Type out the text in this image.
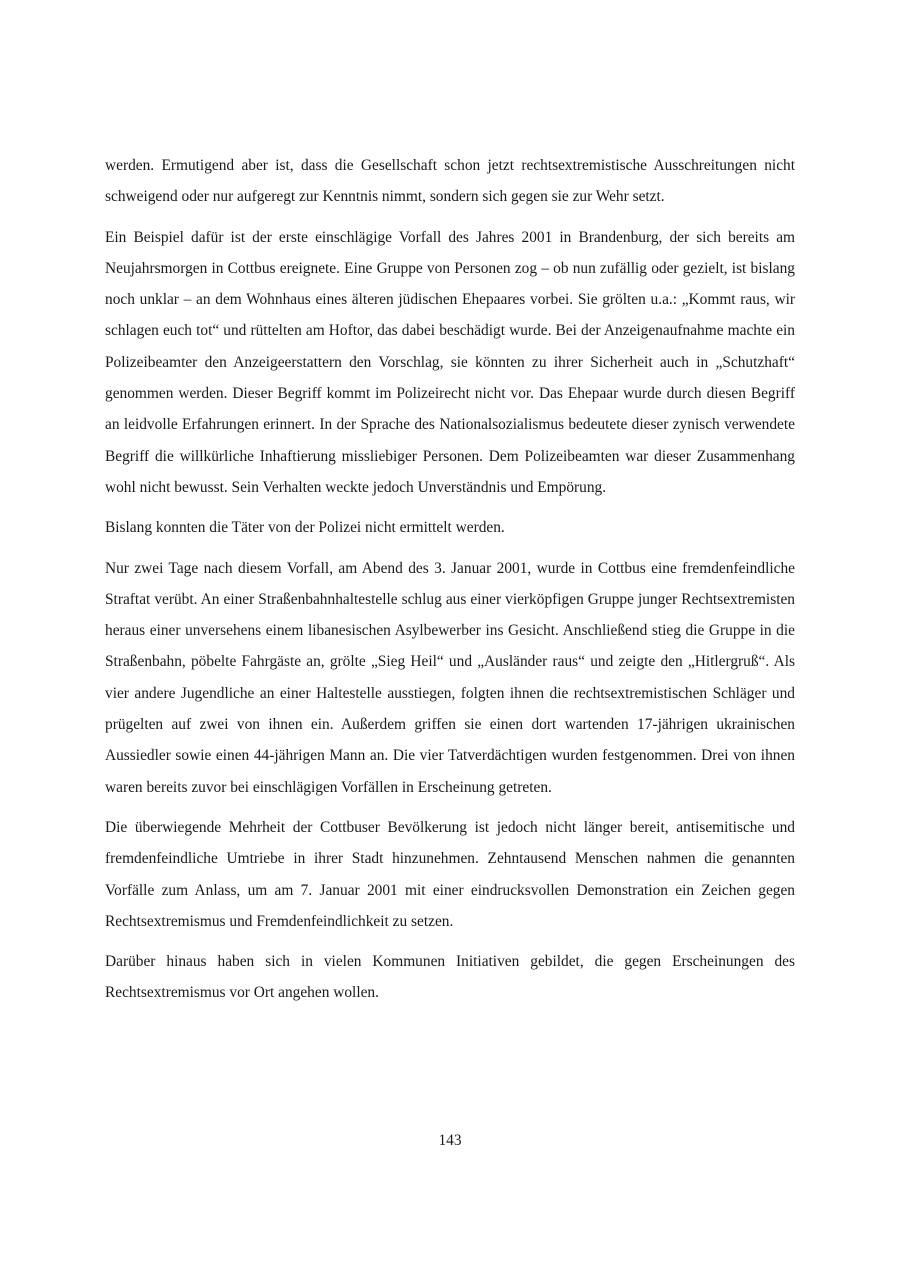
werden. Ermutigend aber ist, dass die Gesellschaft schon jetzt rechtsextremistische Ausschreitungen nicht schweigend oder nur aufgeregt zur Kenntnis nimmt, sondern sich gegen sie zur Wehr setzt.

Ein Beispiel dafür ist der erste einschlägige Vorfall des Jahres 2001 in Brandenburg, der sich bereits am Neujahrsmorgen in Cottbus ereignete. Eine Gruppe von Personen zog – ob nun zufällig oder gezielt, ist bislang noch unklar – an dem Wohnhaus eines älteren jüdischen Ehepaares vorbei. Sie grölten u.a.: „Kommt raus, wir schlagen euch tot“ und rüttelten am Hoftor, das dabei beschädigt wurde. Bei der Anzeigenaufnahme machte ein Polizeibeamter den Anzeigeerstattern den Vorschlag, sie könnten zu ihrer Sicherheit auch in „Schutzhaft“ genommen werden. Dieser Begriff kommt im Polizeirecht nicht vor. Das Ehepaar wurde durch diesen Begriff an leidvolle Erfahrungen erinnert. In der Sprache des Nationalsozialismus bedeutete dieser zynisch verwendete Begriff die willkürliche Inhaftierung missliebiger Personen. Dem Polizeibeamten war dieser Zusammenhang wohl nicht bewusst. Sein Verhalten weckte jedoch Unverständnis und Empörung.

Bislang konnten die Täter von der Polizei nicht ermittelt werden.

Nur zwei Tage nach diesem Vorfall, am Abend des 3. Januar 2001, wurde in Cottbus eine fremdenfeindliche Straftat verübt. An einer Straßenbahnhaltestelle schlug aus einer vierköpfigen Gruppe junger Rechtsextremisten heraus einer unversehens einem libanesischen Asylbewerber ins Gesicht. Anschließend stieg die Gruppe in die Straßenbahn, pöbelte Fahrgäste an, grölte „Sieg Heil“ und „Ausländer raus“ und zeigte den „Hitlergruß“. Als vier andere Jugendliche an einer Haltestelle ausstiegen, folgten ihnen die rechtsextremistischen Schläger und prügelten auf zwei von ihnen ein. Außerdem griffen sie einen dort wartenden 17-jährigen ukrainischen Aussiedler sowie einen 44-jährigen Mann an. Die vier Tatverdächtigen wurden festgenommen. Drei von ihnen waren bereits zuvor bei einschlägigen Vorfällen in Erscheinung getreten.

Die überwiegende Mehrheit der Cottbuser Bevölkerung ist jedoch nicht länger bereit, antisemitische und fremdenfeindliche Umtriebe in ihrer Stadt hinzunehmen. Zehntausend Menschen nahmen die genannten Vorfälle zum Anlass, um am 7. Januar 2001 mit einer eindrucksvollen Demonstration ein Zeichen gegen Rechtsextremismus und Fremdenfeindlichkeit zu setzen.

Darüber hinaus haben sich in vielen Kommunen Initiativen gebildet, die gegen Erscheinungen des Rechtsextremismus vor Ort angehen wollen.

143
